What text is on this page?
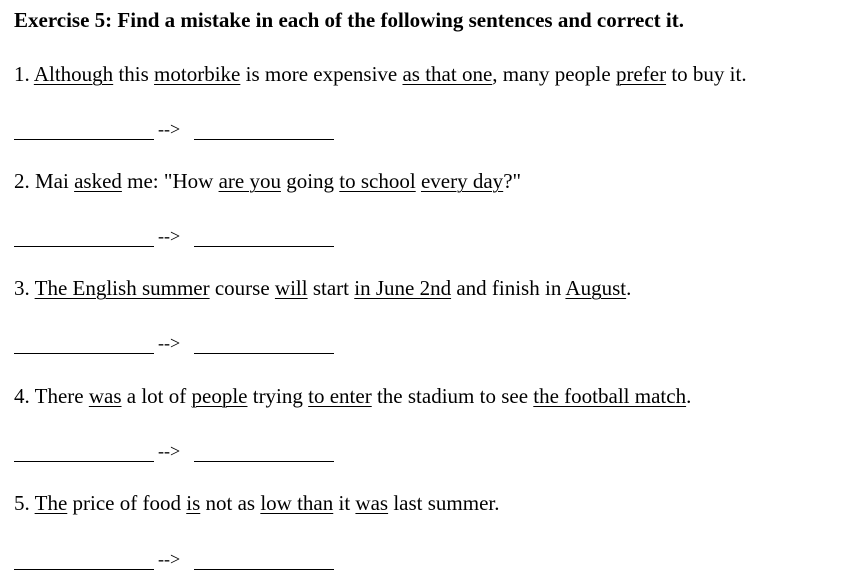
Exercise 5: Find a mistake in each of the following sentences and correct it.
1. Although this motorbike is more expensive as that one, many people prefer to buy it.
-->
2. Mai asked me: "How are you going to school every day?"
-->
3. The English summer course will start in June 2nd and finish in August.
-->
4. There was a lot of people trying to enter the stadium to see the football match.
-->
5. The price of food is not as low than it was last summer.
-->
